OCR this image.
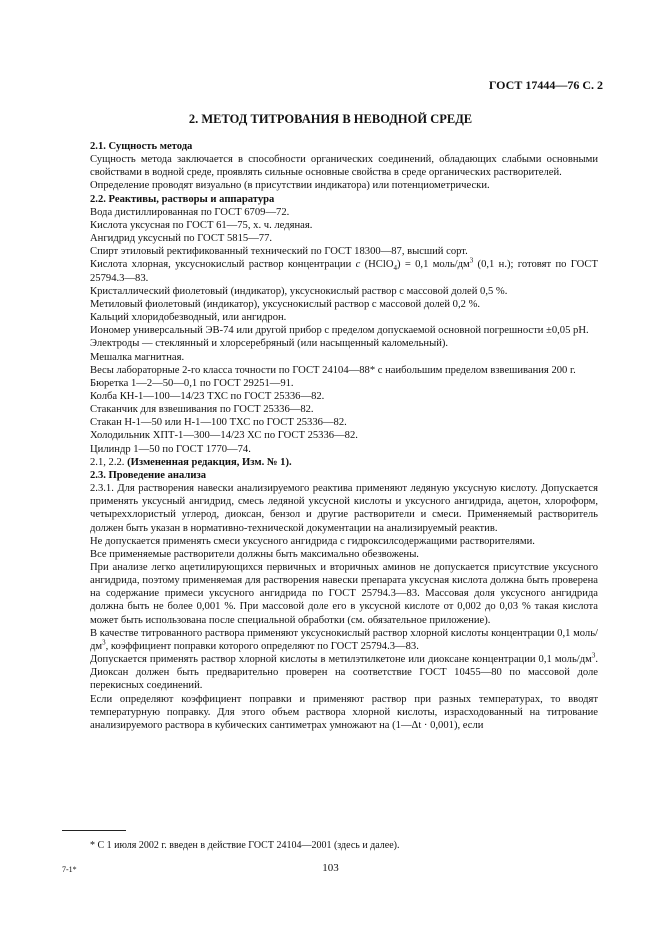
ГОСТ 17444—76 С. 2
2. МЕТОД ТИТРОВАНИЯ В НЕВОДНОЙ СРЕДЕ

2.1. Сущность метода

Сущность метода заключается в способности органических соединений, обладающих слабыми основными свойствами в водной среде, проявлять сильные основные свойства в среде органических растворителей.

Определение проводят визуально (в присутствии индикатора) или потенциометрически.

2.2. Реактивы, растворы и аппаратура

Вода дистиллированная по ГОСТ 6709—72.

Кислота уксусная по ГОСТ 61—75, х. ч. ледяная.

Ангидрид уксусный по ГОСТ 5815—77.

Спирт этиловый ректификованный технический по ГОСТ 18300—87, высший сорт.

Кислота хлорная, уксуснокислый раствор концентрации c (HClO$_4$) = 0,1 моль/$дм^3$ (0,1 н.); готовят по ГОСТ 25794.3—83.

Кристаллический фиолетовый (индикатор), уксуснокислый раствор с массовой долей 0,5 %.

Метиловый фиолетовый (индикатор), уксуснокислый раствор с массовой долей 0,2 %.

Кальций хлоридобезводный, или ангидрон.

Иономер универсальный ЭВ-74 или другой прибор с пределом допускаемой основной погрешности ±0,05 pH.

Электроды — стеклянный и хлорсеребряный (или насыщенный каломельный).

Мешалка магнитная.

Весы лабораторные 2-го класса точности по ГОСТ 24104—88* с наибольшим пределом взвешивания 200 г.

Бюретка 1—2—50—0,1 по ГОСТ 29251—91.

Колба КН-1—100—14/23 ТХС по ГОСТ 25336—82.

Стаканчик для взвешивания по ГОСТ 25336—82.

Стакан Н-1—50 или Н-1—100 ТХС по ГОСТ 25336—82.

Холодильник ХПТ-1—300—14/23 ХС по ГОСТ 25336—82.

Цилиндр 1—50 по ГОСТ 1770—74.

2.1, 2.2. (Измененная редакция, Изм. № 1).

2.3. Проведение анализа

2.3.1. Для растворения навески анализируемого реактива применяют ледяную уксусную кислоту. Допускается применять уксусный ангидрид, смесь ледяной уксусной кислоты и уксусного ангидрида, ацетон, хлороформ, четыреххлористый углерод, диоксан, бензол и другие растворители и смеси. Применяемый растворитель должен быть указан в нормативно-технической документации на анализируемый реактив.

Не допускается применять смеси уксусного ангидрида с гидроксилсодержащими растворителями.

Все применяемые растворители должны быть максимально обезвожены.

При анализе легко ацетилирующихся первичных и вторичных аминов не допускается присутствие уксусного ангидрида, поэтому применяемая для растворения навески препарата уксусная кислота должна быть проверена на содержание примеси уксусного ангидрида по ГОСТ 25794.3—83. Массовая доля уксусного ангидрида должна быть не более 0,001 %. При массовой доле его в уксусной кислоте от 0,002 до 0,03 % такая кислота может быть использована после специальной обработки (см. обязательное приложение).

В качестве титрованного раствора применяют уксуснокислый раствор хлорной кислоты концентрации 0,1 моль/$дм^3$, коэффициент поправки которого определяют по ГОСТ 25794.3—83.

Допускается применять раствор хлорной кислоты в метилэтилкетоне или диоксане концентрации 0,1 моль/$дм^3$. Диоксан должен быть предварительно проверен на соответствие ГОСТ 10455—80 по массовой доле перекисных соединений.

Если определяют коэффициент поправки и применяют раствор при разных температурах, то вводят температурную поправку. Для этого объем раствора хлорной кислоты, израсходованный на титрование анализируемого раствора в кубических сантиметрах умножают на (1—Δt · 0,001), если

* С 1 июля 2002 г. введен в действие ГОСТ 24104—2001 (здесь и далее).
7-1*	103
